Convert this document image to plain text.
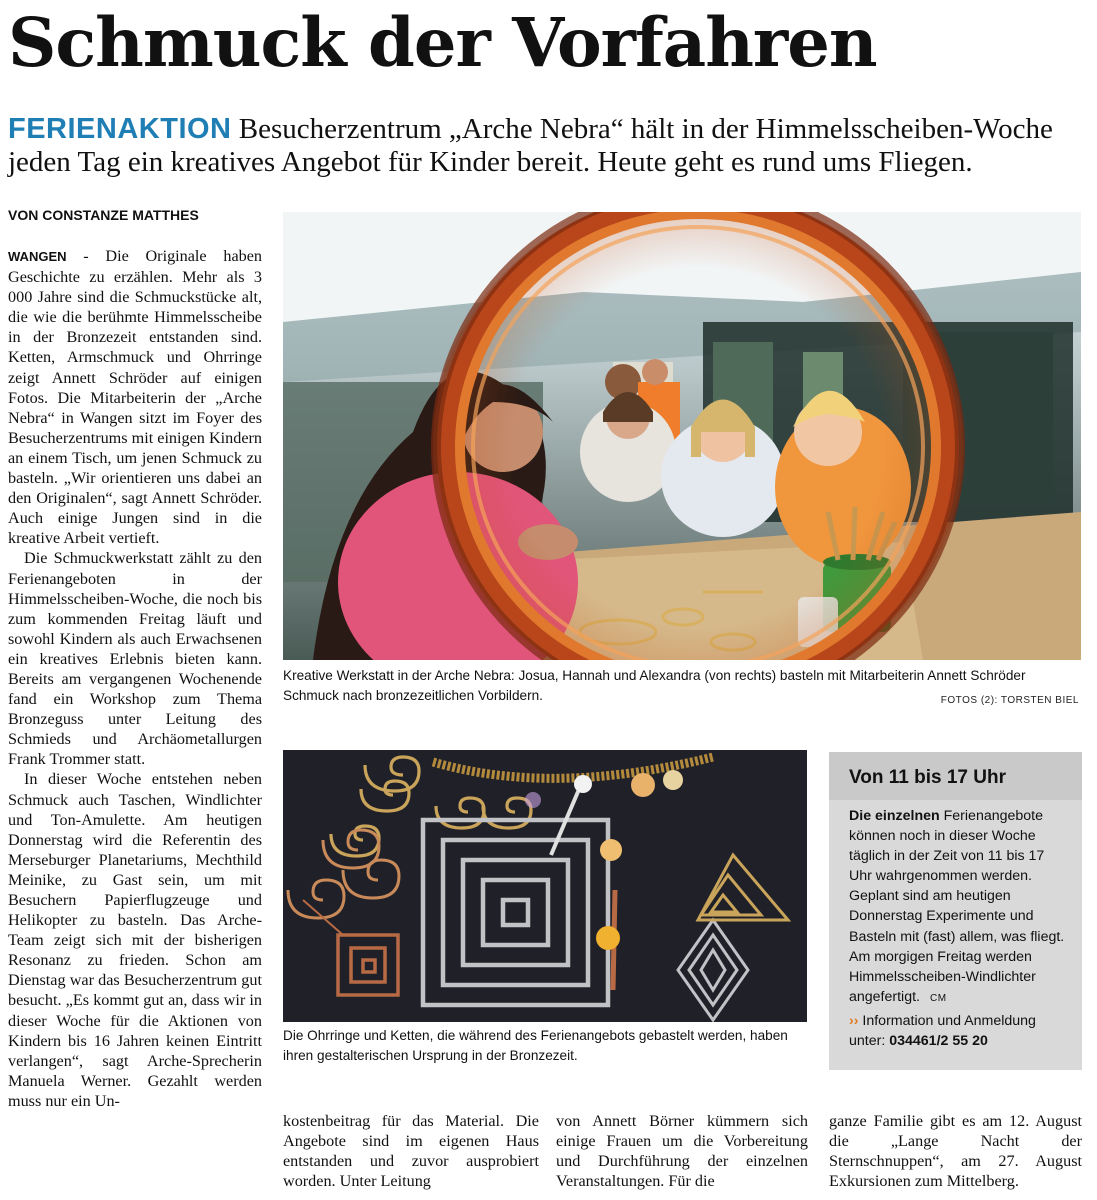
Schmuck der Vorfahren

FERIENAKTION Besucherzentrum „Arche Nebra“ hält in der Himmelsscheiben-Woche jeden Tag ein kreatives Angebot für Kinder bereit. Heute geht es rund ums Fliegen.

VON CONSTANZE MATTHES

WANGEN - Die Originale haben Geschichte zu erzählen. Mehr als 3 000 Jahre sind die Schmuckstücke alt, die wie die berühmte Himmelsscheibe in der Bronzezeit entstanden sind. Ketten, Armschmuck und Ohrringe zeigt Annett Schröder auf einigen Fotos. Die Mitarbeiterin der „Arche Nebra“ in Wangen sitzt im Foyer des Besucherzentrums mit einigen Kindern an einem Tisch, um jenen Schmuck zu basteln. „Wir orientieren uns dabei an den Originalen“, sagt Annett Schröder. Auch einige Jungen sind in die kreative Arbeit vertieft.

Die Schmuckwerkstatt zählt zu den Ferienangeboten in der Himmelsscheiben-Woche, die noch bis zum kommenden Freitag läuft und sowohl Kindern als auch Erwachsenen ein kreatives Erlebnis bieten kann. Bereits am vergangenen Wochenende fand ein Workshop zum Thema Bronzeguss unter Leitung des Schmieds und Archäometallurgen Frank Trommer statt.

In dieser Woche entstehen neben Schmuck auch Taschen, Windlichter und Ton-Amulette. Am heutigen Donnerstag wird die Referentin des Merseburger Planetariums, Mechthild Meinike, zu Gast sein, um mit Besuchern Papierflugzeuge und Helikopter zu basteln. Das Arche-Team zeigt sich mit der bisherigen Resonanz zu frieden. Schon am Dienstag war das Besucherzentrum gut besucht. „Es kommt gut an, dass wir in dieser Woche für die Aktionen von Kindern bis 16 Jahren keinen Eintritt verlangen“, sagt Arche-Sprecherin Manuela Werner. Gezahlt werden muss nur ein Un-

Kreative Werkstatt in der Arche Nebra: Josua, Hannah und Alexandra (von rechts) basteln mit Mitarbeiterin Annett Schröder Schmuck nach bronzezeitlichen Vorbildern.	FOTOS (2): TORSTEN BIEL

Die Ohrringe und Ketten, die während des Ferienangebots gebastelt werden, haben ihren gestalterischen Ursprung in der Bronzezeit.

Von 11 bis 17 Uhr

Die einzelnen Ferienangebote können noch in dieser Woche täglich in der Zeit von 11 bis 17 Uhr wahrgenommen werden. Geplant sind am heutigen Donnerstag Experimente und Basteln mit (fast) allem, was fliegt. Am morgigen Freitag werden Himmelsscheiben-Windlichter angefertigt. CM

›› Information und Anmeldung unter: 034461/2 55 20

kostenbeitrag für das Material. Die Angebote sind im eigenen Haus entstanden und zuvor ausprobiert worden. Unter Leitung

von Annett Börner kümmern sich einige Frauen um die Vorbereitung und Durchführung der einzelnen Veranstaltungen. Für die

ganze Familie gibt es am 12. August die „Lange Nacht der Sternschnuppen“, am 27. August Exkursionen zum Mittelberg.
